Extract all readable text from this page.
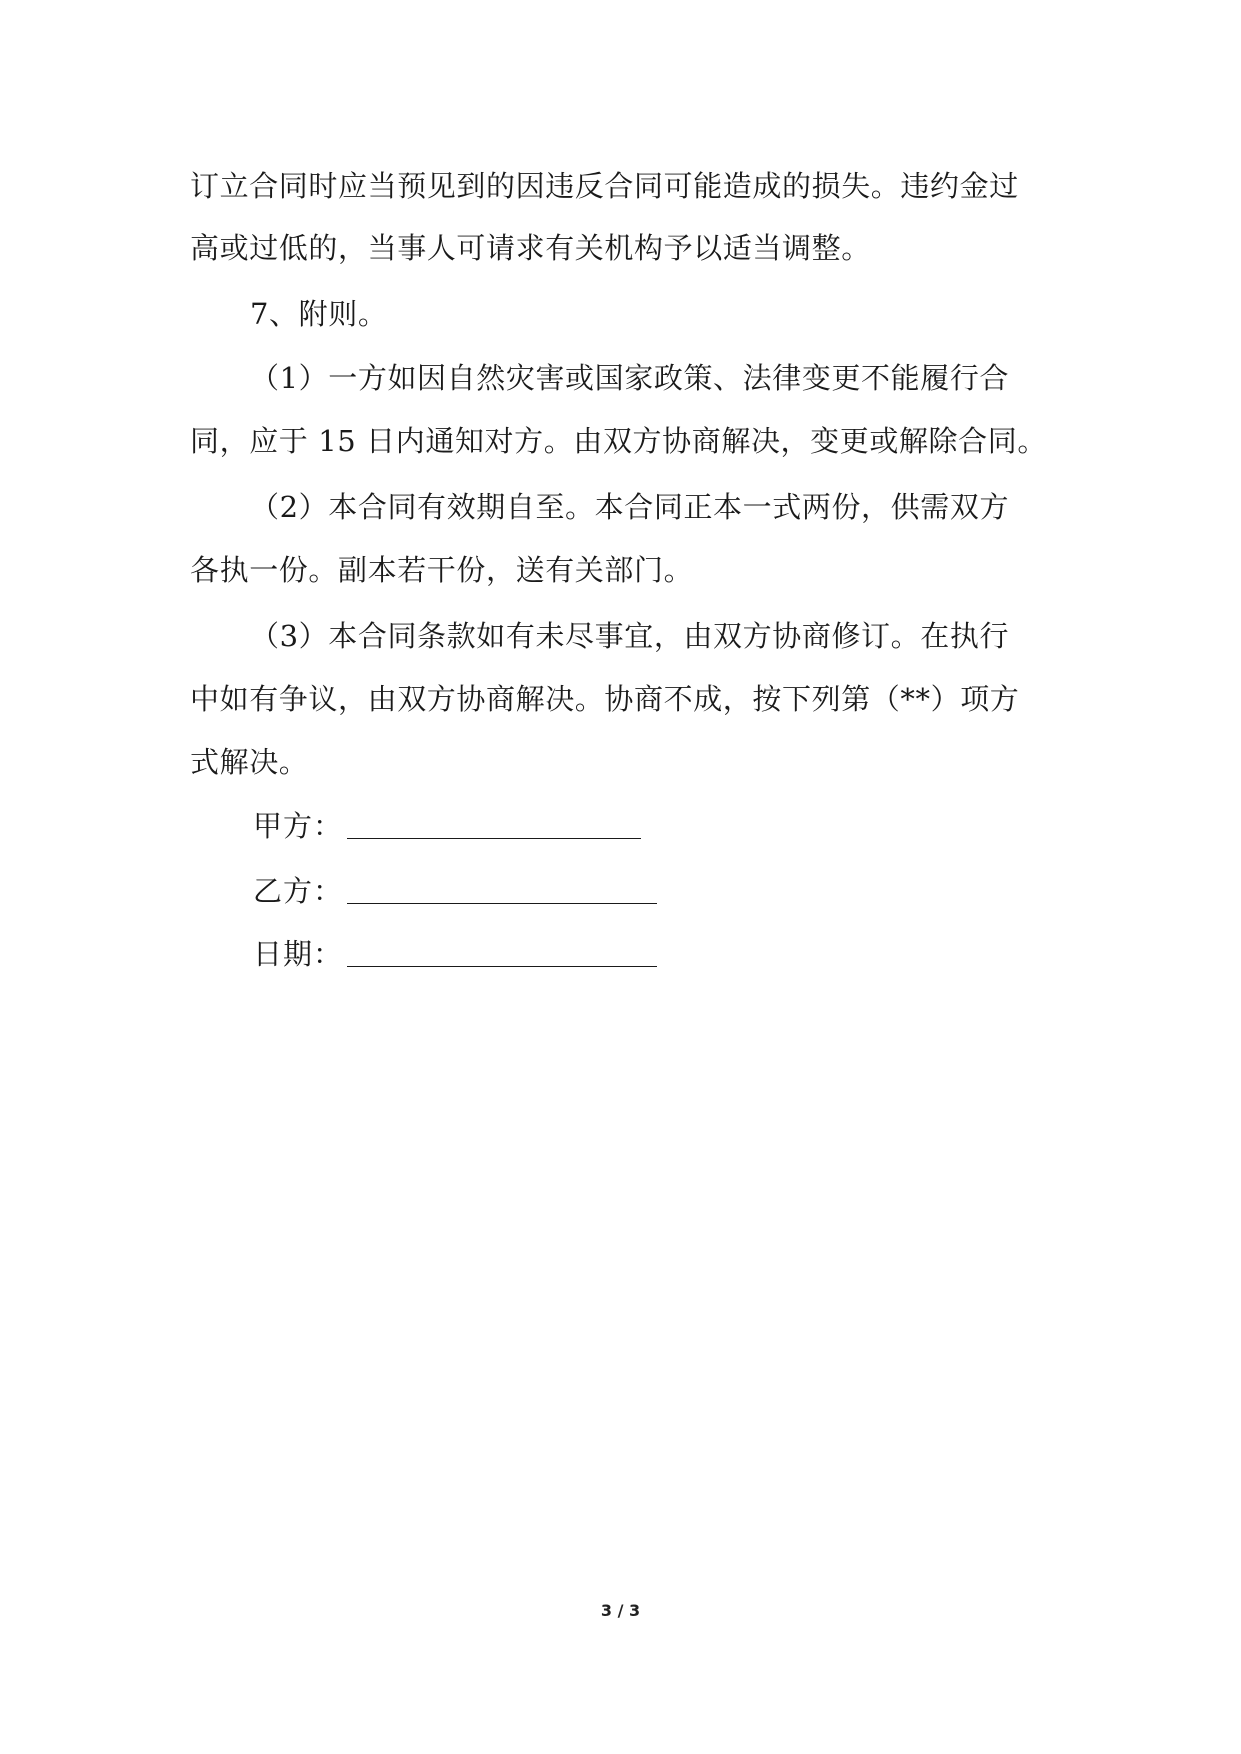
订立合同时应当预见到的因违反合同可能造成的损失。违约金过
高或过低的，当事人可请求有关机构予以适当调整。
7、附则。
（1）一方如因自然灾害或国家政策、法律变更不能履行合
同，应于 15 日内通知对方。由双方协商解决，变更或解除合同。
（2）本合同有效期自至。本合同正本一式两份，供需双方
各执一份。副本若干份，送有关部门。
（3）本合同条款如有未尽事宜，由双方协商修订。在执行
中如有争议，由双方协商解决。协商不成，按下列第（**）项方
式解决。
甲方：
乙方：
日期：
3 / 3
